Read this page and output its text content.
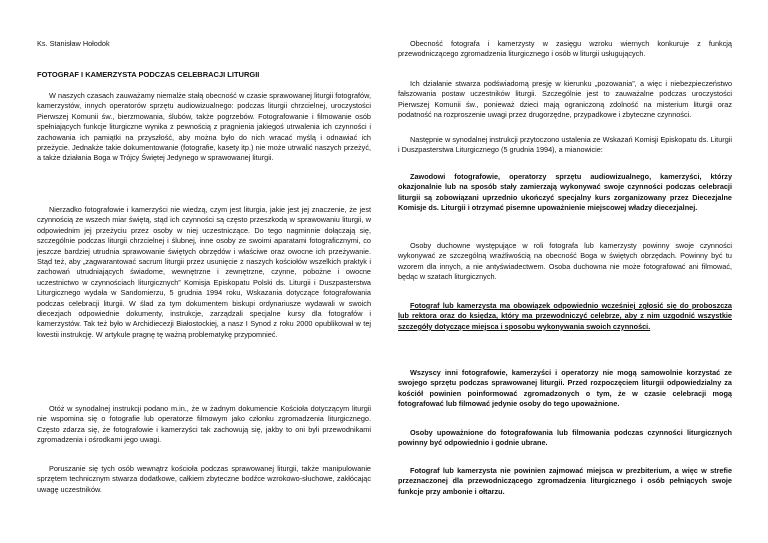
Ks. Stanisław Hołodok

FOTOGRAF I KAMERZYSTA PODCZAS CELEBRACJI LITURGII

W naszych czasach zauważamy niemalże stałą obecność w czasie sprawowanej liturgii fotografów, kamerzystów, innych operatorów sprzętu audiowizualnego: podczas liturgii chrzcielnej, uroczystości Pierwszej Komunii św., bierzmowania, ślubów, także pogrzebów. Fotografowanie i filmowanie osób spełniających funkcje liturgiczne wynika z pewnością z pragnienia jakiegoś utrwalenia ich czynności i zachowania ich pamiątki na przyszłość, aby można było do nich wracać myślą i odnawiać ich przeżycie. Jednakże takie dokumentowanie (fotografie, kasety itp.) nie może utrwalić naszych przeżyć, a także działania Boga w Trójcy Świętej Jedynego w sprawowanej liturgii.

Nierzadko fotografowie i kamerzyści nie wiedzą, czym jest liturgia, jakie jest jej znaczenie, że jest czynnością ze wszech miar świętą, stąd ich czynności są często przeszkodą w sprawowaniu liturgii, w odpowiednim jej przeżyciu przez osoby w niej uczestniczące. Do tego nagminnie dołączają się, szczególnie podczas liturgii chrzcielnej i ślubnej, inne osoby ze swoimi aparatami fotograficznymi, co jeszcze bardziej utrudnia sprawowanie świętych obrzędów i właściwe oraz owocne ich przeżywanie. Stąd też, aby „zagwarantować sacrum liturgii przez usunięcie z naszych kościołów wszelkich praktyk i zachowań utrudniających świadome, wewnętrzne i zewnętrzne, czynne, pobożne i owocne uczestnictwo w czynnościach liturgicznych” Komisja Episkopatu Polski ds. Liturgii i Duszpasterstwa Liturgicznego wydała w Sandomierzu, 5 grudnia 1994 roku, Wskazania dotyczące fotografowania podczas celebracji liturgii. W ślad za tym dokumentem biskupi ordynariusze wydawali w swoich diecezjach odpowiednie dokumenty, instrukcje, zarządzali specjalne kursy dla fotografów i kamerzystów. Tak też było w Archidiecezji Białostockiej, a nasz I Synod z roku 2000 opublikował w tej kwestii instrukcję. W artykule pragnę tę ważną problematykę przypomnieć.

Otóż w synodalnej instrukcji podano m.in., że w żadnym dokumencie Kościoła dotyczącym liturgii nie wspomina się o fotografie lub operatorze filmowym jako członku zgromadzenia liturgicznego. Często zdarza się, że fotografowie i kamerzyści tak zachowują się, jakby to oni byli przewodnikami zgromadzenia i ośrodkami jego uwagi.

Poruszanie się tych osób wewnątrz kościoła podczas sprawowanej liturgii, także manipulowanie sprzętem technicznym stwarza dodatkowe, całkiem zbyteczne bodźce wzrokowo-słuchowe, zakłócając uwagę uczestników.

Obecność fotografa i kamerzysty w zasięgu wzroku wiernych konkuruje z funkcją przewodniczącego zgromadzenia liturgicznego i osób w liturgii usługujących.

Ich działanie stwarza podświadomą presję w kierunku „pozowania”, a więc i niebezpieczeństwo fałszowania postaw uczestników liturgii. Szczególnie jest to zauważalne podczas uroczystości Pierwszej Komunii św., ponieważ dzieci mają ograniczoną zdolność na misterium liturgii oraz podatność na rozproszenie uwagi przez drugorzędne, przypadkowe i zbyteczne czynności.

Następnie w synodalnej instrukcji przytoczono ustalenia ze Wskazań Komisji Episkopatu ds. Liturgii i Duszpasterstwa Liturgicznego (5 grudnia 1994), a mianowicie:

Zawodowi fotografowie, operatorzy sprzętu audiowizualnego, kamerzyści, którzy okazjonalnie lub na sposób stały zamierzają wykonywać swoje czynności podczas celebracji liturgii są zobowiązani uprzednio ukończyć specjalny kurs zorganizowany przez Diecezjalne Komisje ds. Liturgii i otrzymać pisemne upoważnienie miejscowej władzy diecezjalnej.

Osoby duchowne występujące w roli fotografa lub kamerzysty powinny swoje czynności wykonywać ze szczególną wrażliwością na obecność Boga w świętych obrzędach. Powinny być tu wzorem dla innych, a nie antyświadectwem. Osoba duchowna nie może fotografować ani filmować, będąc w szatach liturgicznych.

Fotograf lub kamerzysta ma obowiązek odpowiednio wcześniej zgłosić się do proboszcza lub rektora oraz do księdza, który ma przewodniczyć celebrze, aby z nim uzgodnić wszystkie szczegóły dotyczące miejsca i sposobu wykonywania swoich czynności.

Wszyscy inni fotografowie, kamerzyści i operatorzy nie mogą samowolnie korzystać ze swojego sprzętu podczas sprawowanej liturgii. Przed rozpoczęciem liturgii odpowiedzialny za kościół powinien poinformować zgromadzonych o tym, że w czasie celebracji mogą fotografować lub filmować jedynie osoby do tego upoważnione.

Osoby upoważnione do fotografowania lub filmowania podczas czynności liturgicznych powinny być odpowiednio i godnie ubrane.

Fotograf lub kamerzysta nie powinien zajmować miejsca w prezbiterium, a więc w strefie przeznaczonej dla przewodniczącego zgromadzenia liturgicznego i osób pełniących swoje funkcje przy ambonie i ołtarzu.
